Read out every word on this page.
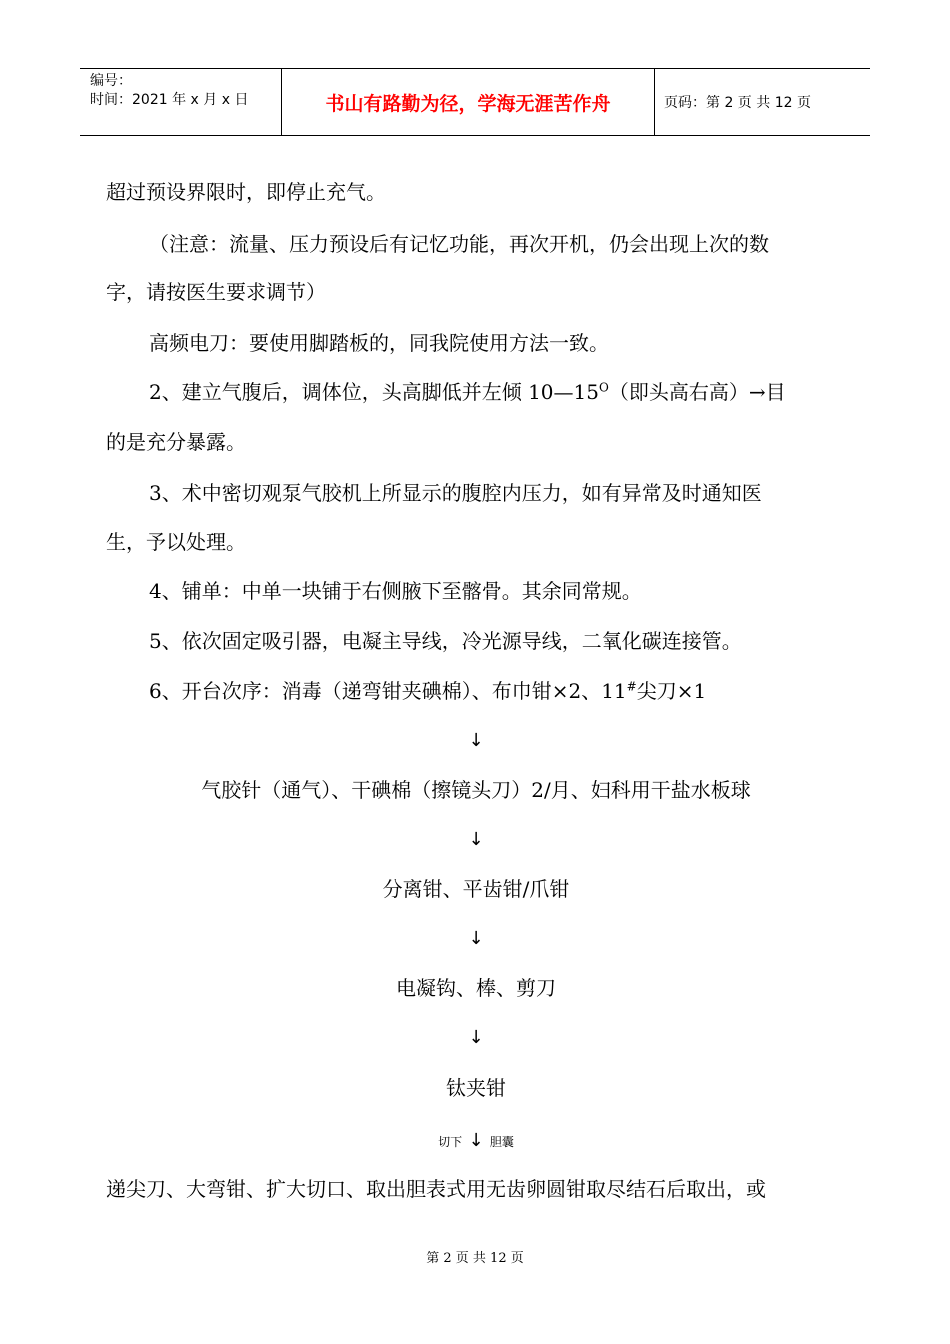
编号：
时间：2021 年 x 月 x 日	书山有路勤为径，学海无涯苦作舟	页码：第 2 页 共 12 页
超过预设界限时，即停止充气。
（注意：流量、压力预设后有记忆功能，再次开机，仍会出现上次的数
字，请按医生要求调节）
高频电刀：要使用脚踏板的，同我院使用方法一致。
2、建立气腹后，调体位，头高脚低并左倾 $10—15^O$（即头高右高）→目
的是充分暴露。
3、术中密切观泵气胶机上所显示的腹腔内压力，如有异常及时通知医
生，予以处理。
4、铺单：中单一块铺于右侧腋下至髂骨。其余同常规。
5、依次固定吸引器，电凝主导线，冷光源导线，二氧化碳连接管。
6、开台次序：消毒（递弯钳夹碘棉）、布巾钳×2、11#尖刀×1
↓
气胶针（通气）、干碘棉（擦镜头刀）2/月、妇科用干盐水板球
↓
分离钳、平齿钳/爪钳
↓
电凝钩、棒、剪刀
↓
钛夹钳
切下 ↓ 胆囊
递尖刀、大弯钳、扩大切口、取出胆表式用无齿卵圆钳取尽结石后取出，或
第 2 页 共 12 页
